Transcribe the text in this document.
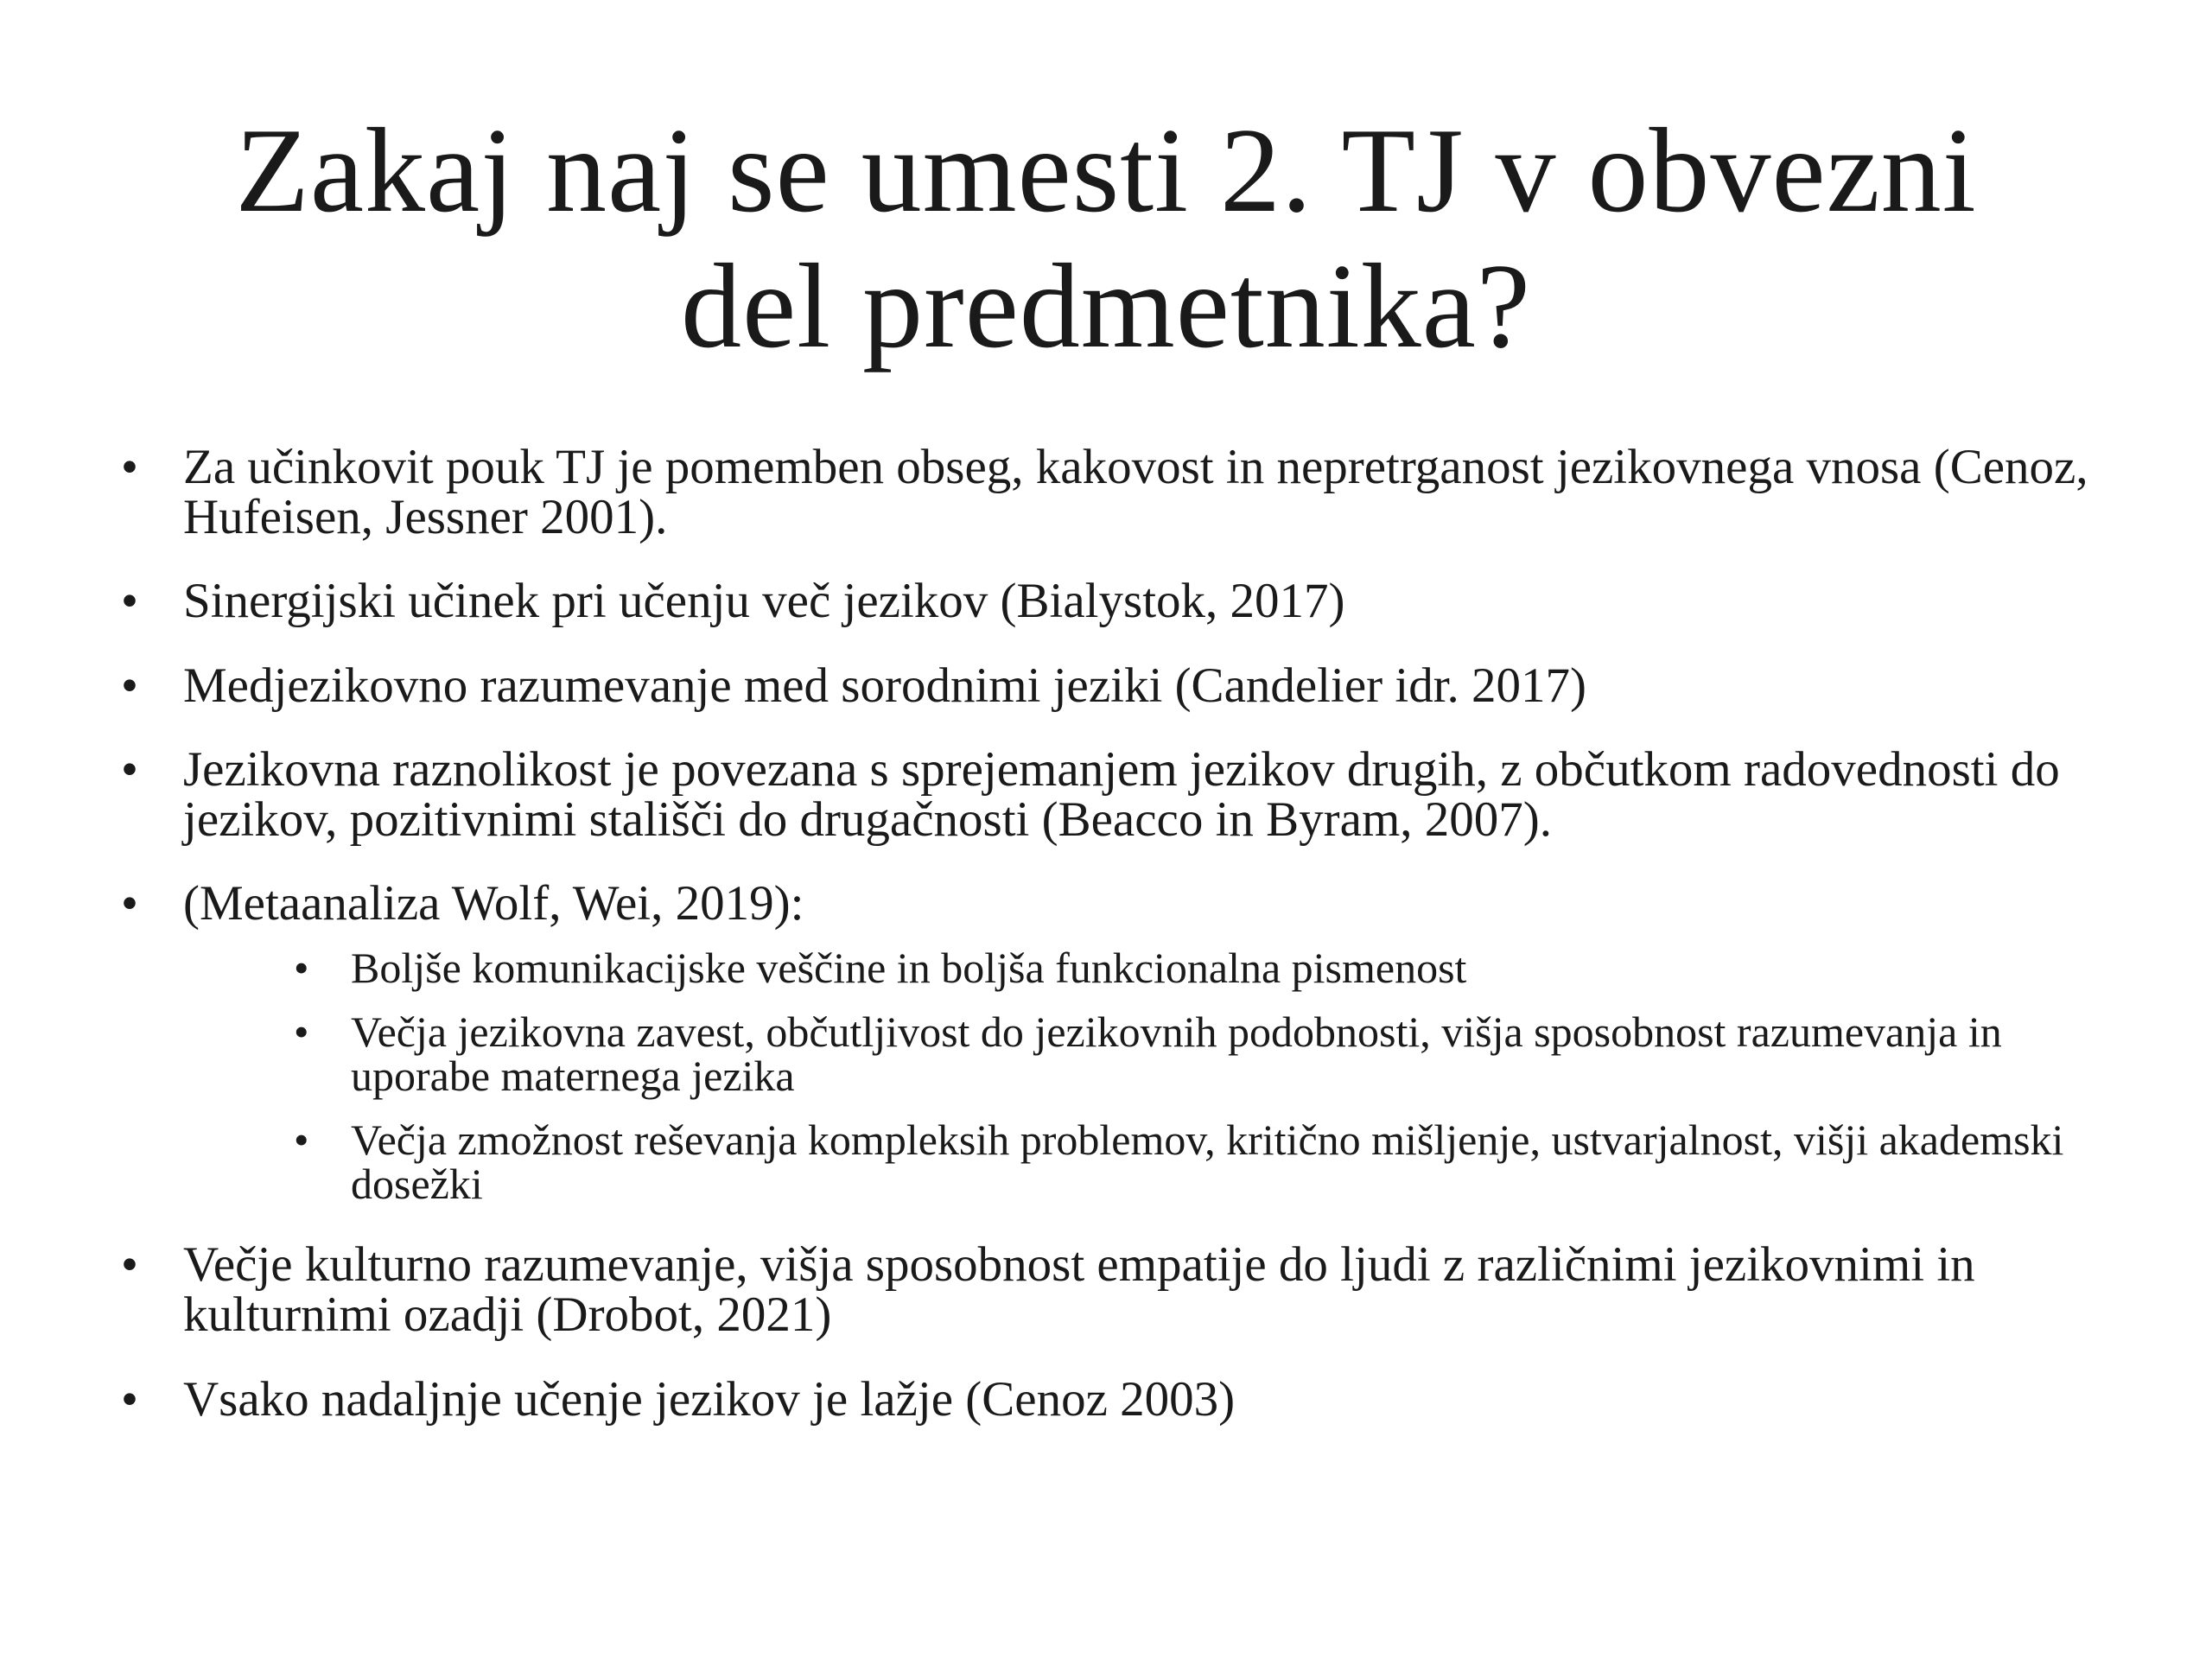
Zakaj naj se umesti 2. TJ v obvezni
del predmetnika?
• Za učinkovit pouk TJ je pomemben obseg, kakovost in nepretrganost jezikovnega vnosa (Cenoz, Hufeisen, Jessner 2001).
• Sinergijski učinek pri učenju več jezikov (Bialystok, 2017)
• Medjezikovno razumevanje med sorodnimi jeziki (Candelier idr. 2017)
• Jezikovna raznolikost je povezana s sprejemanjem jezikov drugih, z občutkom radovednosti do jezikov, pozitivnimi stališči do drugačnosti (Beacco in Byram, 2007).
• (Metaanaliza Wolf, Wei, 2019):
• Boljše komunikacijske veščine in boljša funkcionalna pismenost
• Večja jezikovna zavest, občutljivost do jezikovnih podobnosti, višja sposobnost razumevanja in uporabe maternega jezika
• Večja zmožnost reševanja kompleksih problemov, kritično mišljenje, ustvarjalnost, višji akademski dosežki
• Večje kulturno razumevanje, višja sposobnost empatije do ljudi z različnimi jezikovnimi in kulturnimi ozadji (Drobot, 2021)
• Vsako nadaljnje učenje jezikov je lažje (Cenoz 2003)
